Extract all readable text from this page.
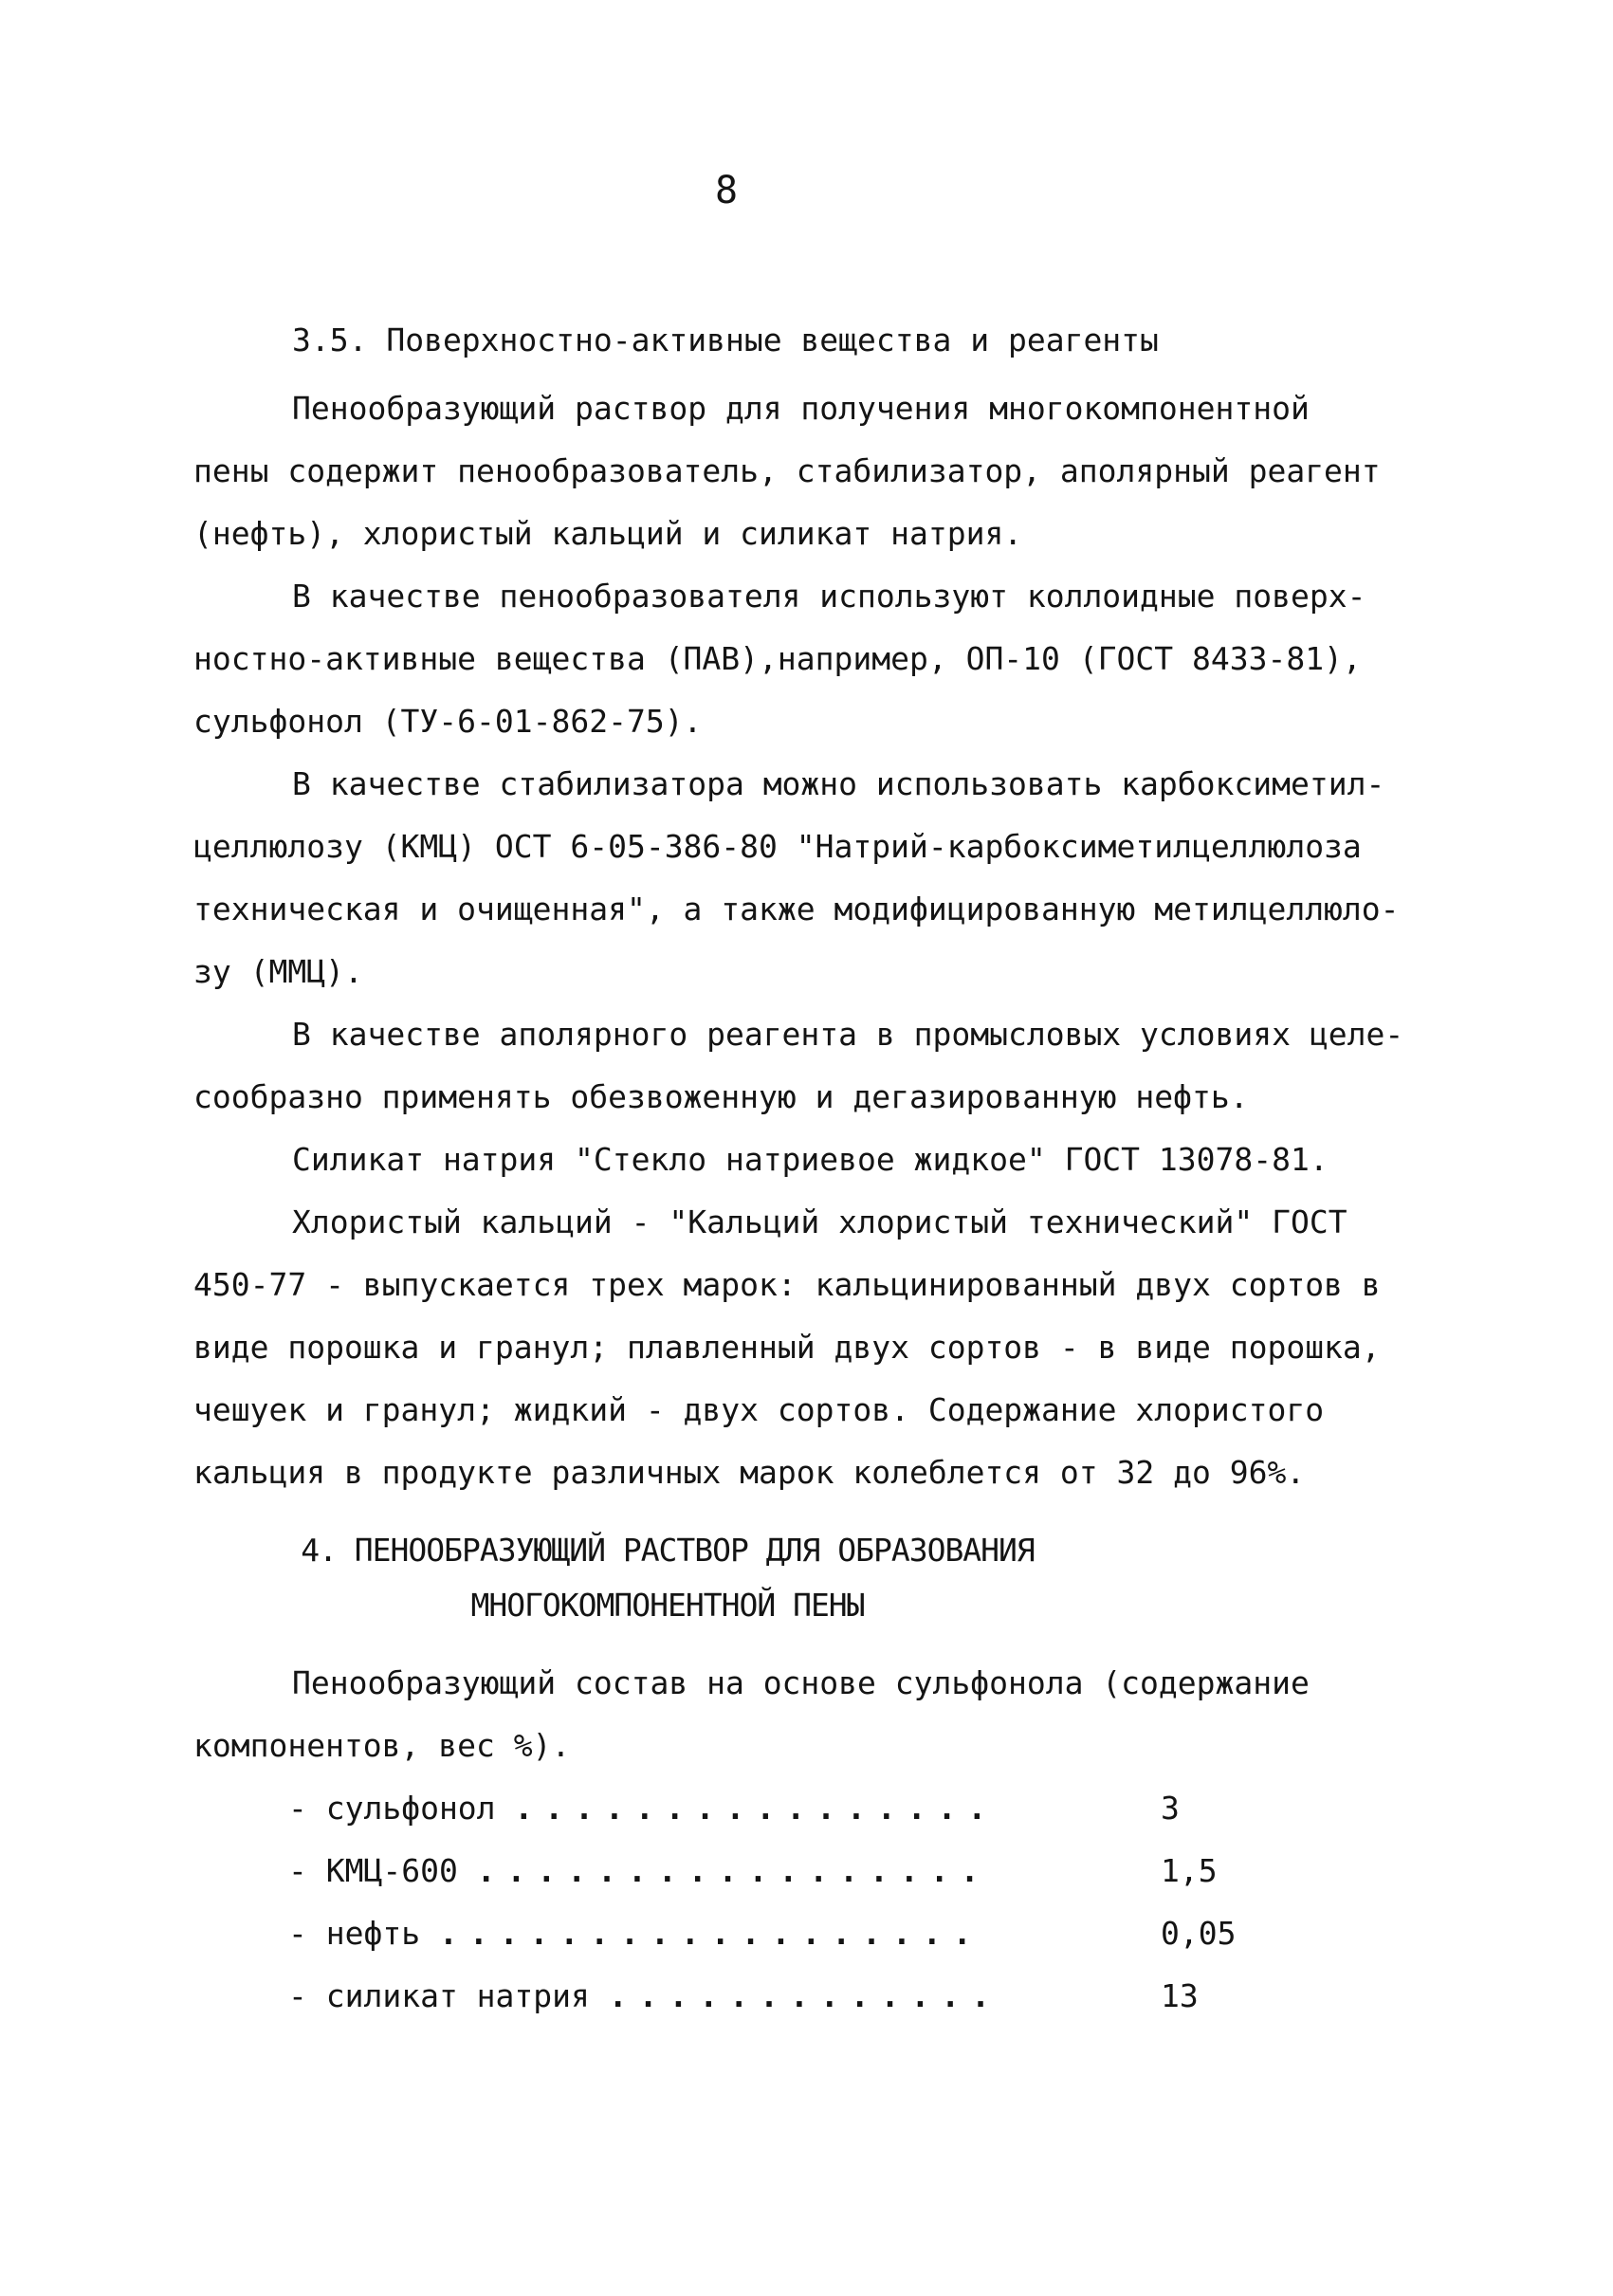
8
3.5. Поверхностно-активные вещества и реагенты
Пенообразующий раствор для получения многокомпонентной
пены содержит пенообразователь, стабилизатор, аполярный реагент
(нефть), хлористый кальций и силикат натрия.
В качестве пенообразователя используют коллоидные поверх-
ностно-активные вещества (ПАВ),например, ОП-10 (ГОСТ 8433-81),
сульфонол (ТУ-6-01-862-75).
В качестве стабилизатора можно использовать карбоксиметил-
целлюлозу (КМЦ) ОСТ 6-05-386-80 "Натрий-карбоксиметилцеллюлоза
техническая и очищенная", а также модифицированную метилцеллюло-
зу (ММЦ).
В качестве аполярного реагента в промысловых условиях целе-
сообразно применять обезвоженную и дегазированную нефть.
Силикат натрия "Стекло натриевое жидкое" ГОСТ 13078-81.
Хлористый кальций - "Кальций хлористый технический" ГОСТ
450-77 - выпускается трех марок: кальцинированный двух сортов в
виде порошка и гранул; плавленный двух сортов - в виде порошка,
чешуек и гранул; жидкий - двух сортов. Содержание хлористого
кальция в продукте различных марок колеблется от 32 до 96%.
4. ПЕНООБРАЗУЮЩИЙ РАСТВОР ДЛЯ ОБРАЗОВАНИЯ
МНОГОКОМПОНЕНТНОЙ ПЕНЫ
Пенообразующий состав на основе сульфонола (содержание
компонентов, вес %).
- сульфонол ................	3
- КМЦ-600 .................	1,5
- нефть ..................	0,05
- силикат натрия .............	13
